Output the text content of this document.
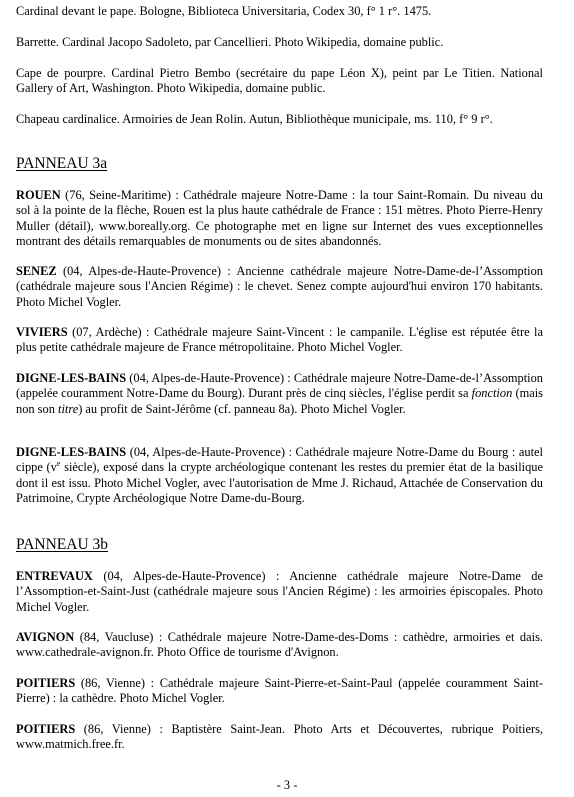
Cardinal devant le pape. Bologne, Biblioteca Universitaria, Codex 30, f° 1 r°. 1475.

Barrette. Cardinal Jacopo Sadoleto, par Cancellieri. Photo Wikipedia, domaine public.

Cape de pourpre. Cardinal Pietro Bembo (secrétaire du pape Léon X), peint par Le Titien. National Gallery of Art, Washington. Photo Wikipedia, domaine public.

Chapeau cardinalice. Armoiries de Jean Rolin. Autun, Bibliothèque municipale, ms. 110, f° 9 r°.

PANNEAU 3a

ROUEN (76, Seine-Maritime) : Cathédrale majeure Notre-Dame : la tour Saint-Romain. Du niveau du sol à la pointe de la flèche, Rouen est la plus haute cathédrale de France : 151 mètres. Photo Pierre-Henry Muller (détail), www.boreally.org. Ce photographe met en ligne sur Internet des vues exceptionnelles montrant des détails remarquables de monuments ou de sites abandonnés.

SENEZ (04, Alpes-de-Haute-Provence) : Ancienne cathédrale majeure Notre-Dame-de-l’Assomption (cathédrale majeure sous l'Ancien Régime) : le chevet. Senez compte aujourd'hui environ 170 habitants. Photo Michel Vogler.

VIVIERS (07, Ardèche) : Cathédrale majeure Saint-Vincent : le campanile. L'église est réputée être la plus petite cathédrale majeure de France métropolitaine. Photo Michel Vogler.

DIGNE-LES-BAINS (04, Alpes-de-Haute-Provence) : Cathédrale majeure Notre-Dame-de-l’Assomption (appelée couramment Notre-Dame du Bourg). Durant près de cinq siècles, l'église perdit sa fonction (mais non son titre) au profit de Saint-Jérôme (cf. panneau 8a). Photo Michel Vogler.

DIGNE-LES-BAINS (04, Alpes-de-Haute-Provence) : Cathédrale majeure Notre-Dame du Bourg : autel cippe ($v^e$ siècle), exposé dans la crypte archéologique contenant les restes du premier état de la basilique dont il est issu. Photo Michel Vogler, avec l'autorisation de Mme J. Richaud, Attachée de Conservation du Patrimoine, Crypte Archéologique Notre Dame-du-Bourg.

PANNEAU 3b

ENTREVAUX (04, Alpes-de-Haute-Provence) : Ancienne cathédrale majeure Notre-Dame de l’Assomption-et-Saint-Just (cathédrale majeure sous l'Ancien Régime) : les armoiries épiscopales. Photo Michel Vogler.

AVIGNON (84, Vaucluse) : Cathédrale majeure Notre-Dame-des-Doms : cathèdre, armoiries et dais. www.cathedrale-avignon.fr. Photo Office de tourisme d'Avignon.

POITIERS (86, Vienne) : Cathédrale majeure Saint-Pierre-et-Saint-Paul (appelée couramment Saint-Pierre) : la cathèdre. Photo Michel Vogler.

POITIERS (86, Vienne) : Baptistère Saint-Jean. Photo Arts et Découvertes, rubrique Poitiers, www.matmich.free.fr.

- 3 -
